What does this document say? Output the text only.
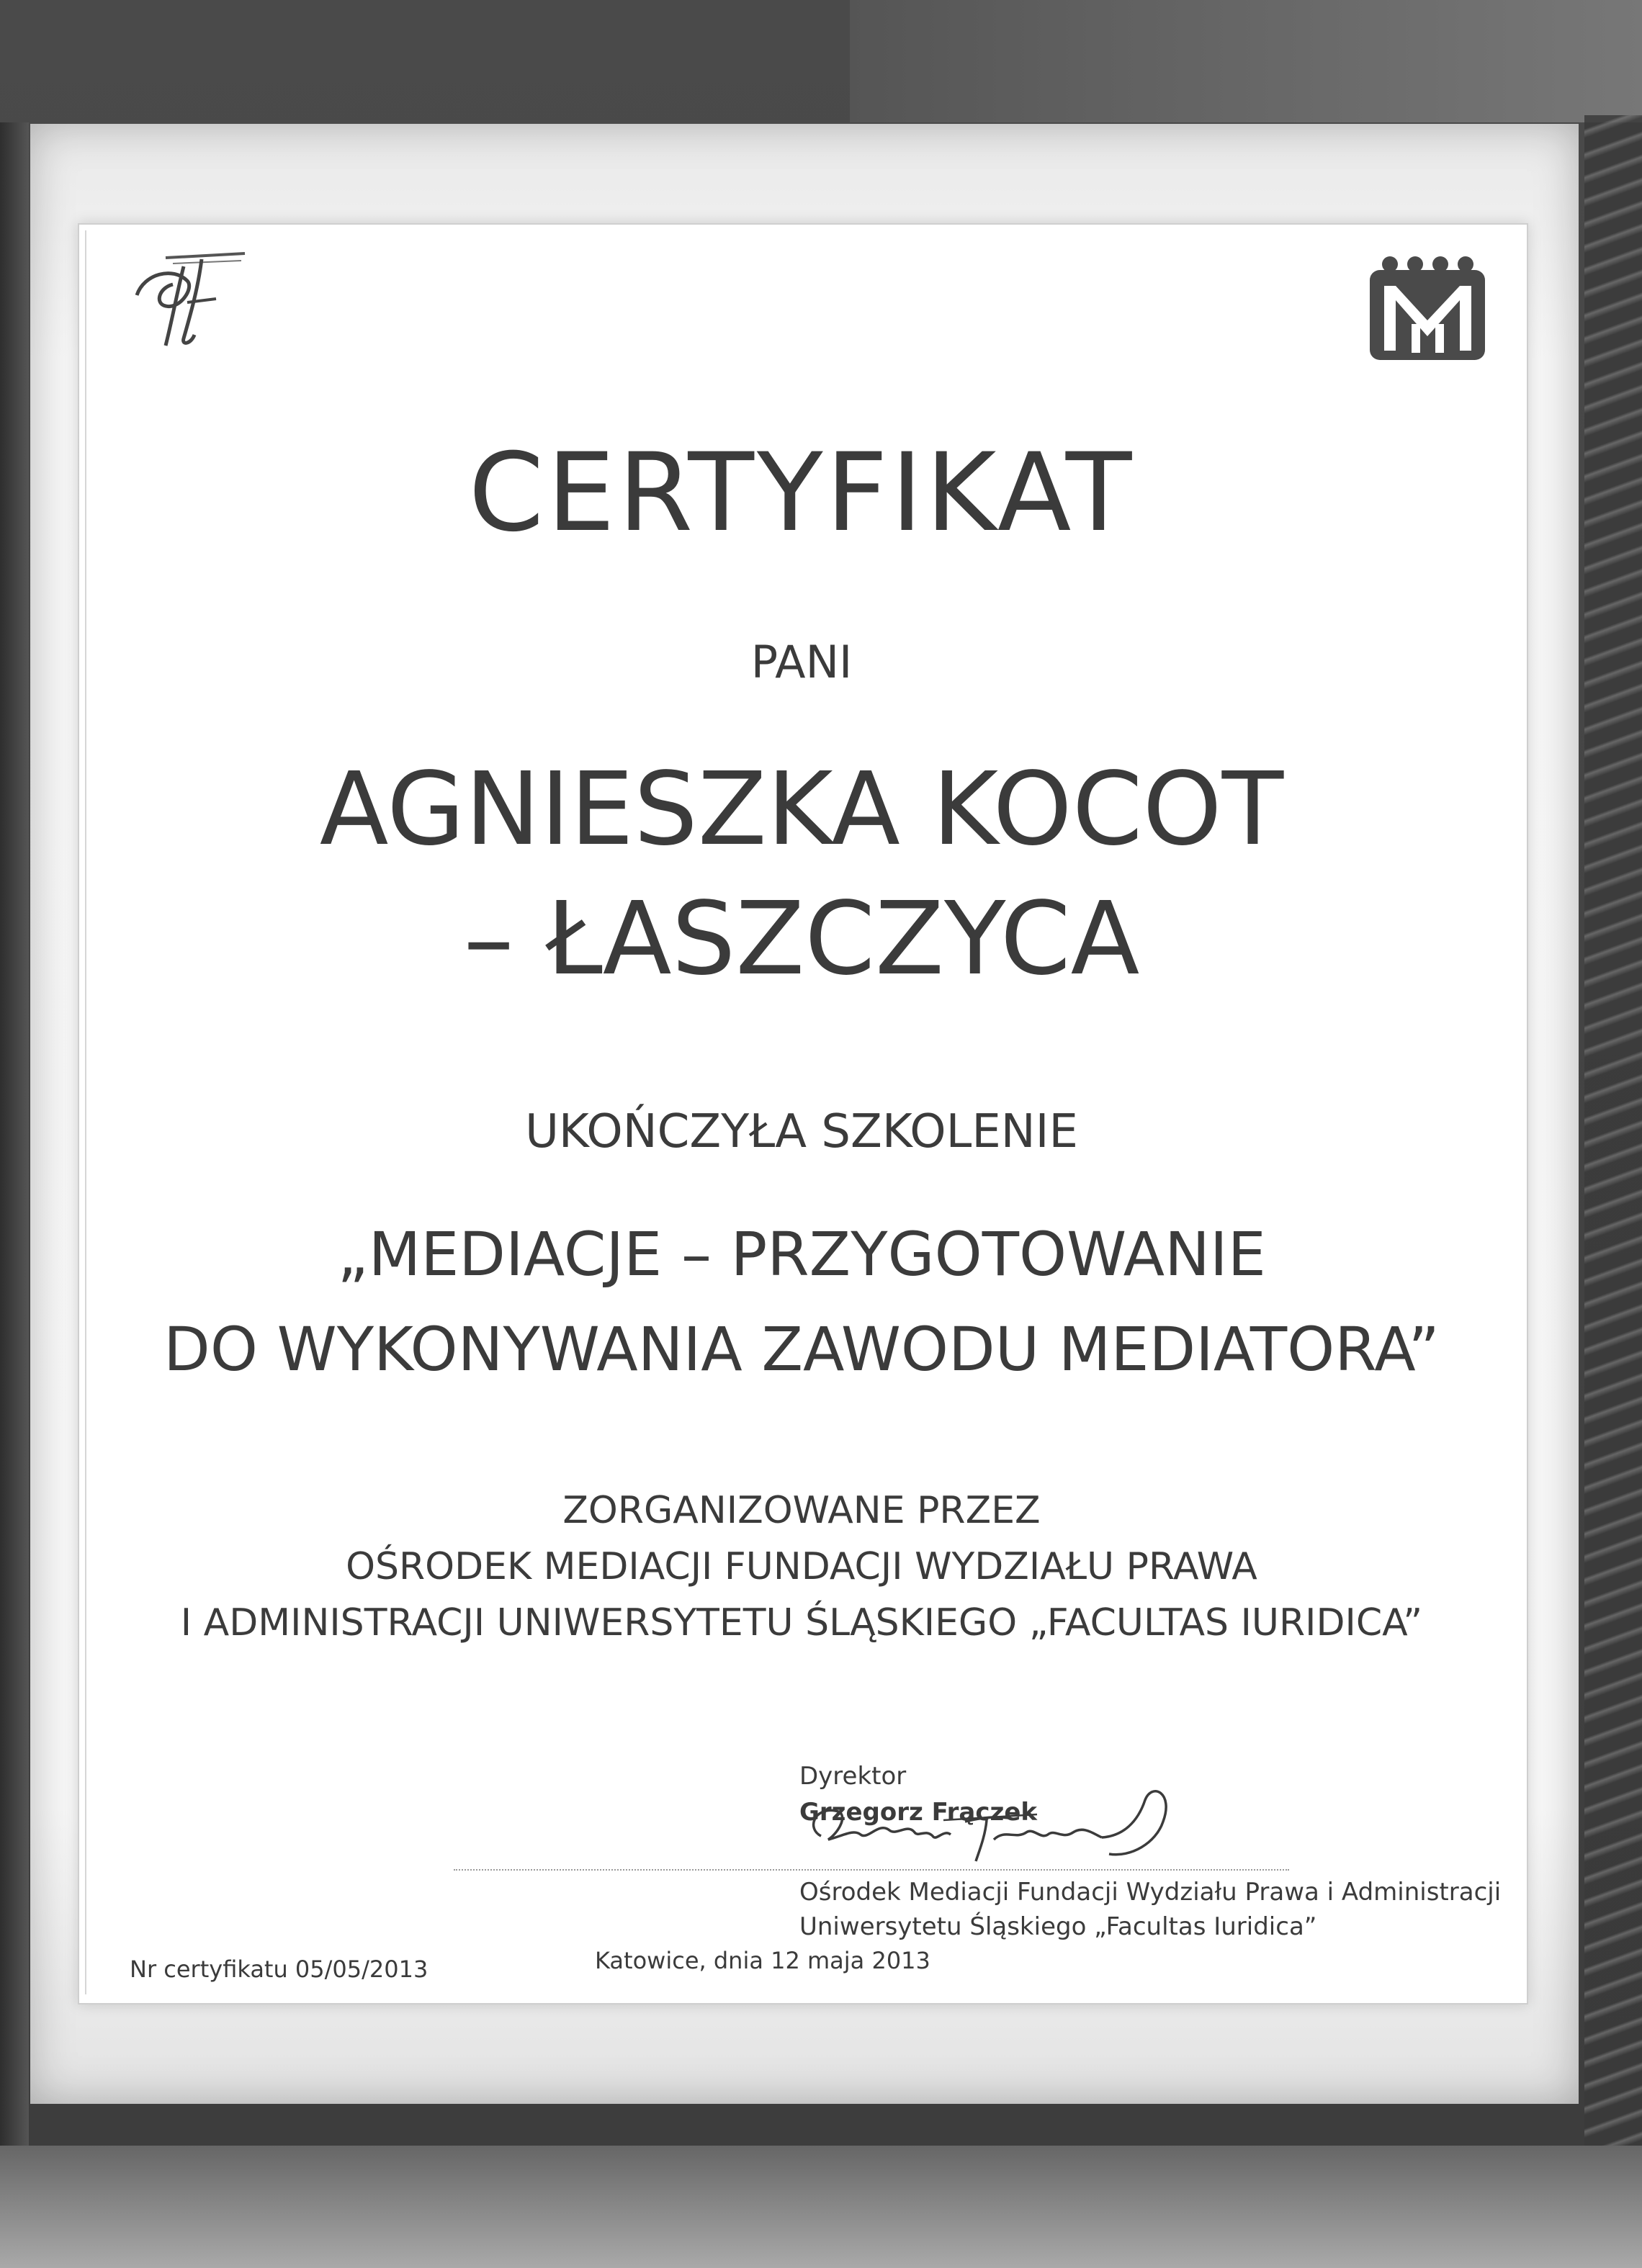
CERTYFIKAT
PANI
AGNIESZKA KOCOT
– ŁASZCZYCA
UKOŃCZYŁA SZKOLENIE
„MEDIACJE – PRZYGOTOWANIE
DO WYKONYWANIA ZAWODU MEDIATORA”
ZORGANIZOWANE PRZEZ
OŚRODEK MEDIACJI FUNDACJI WYDZIAŁU PRAWA
I ADMINISTRACJI UNIWERSYTETU ŚLĄSKIEGO „FACULTAS IURIDICA”
Dyrektor
Grzegorz Frączek
Ośrodek Mediacji Fundacji Wydziału Prawa i Administracji
Uniwersytetu Śląskiego „Facultas Iuridica”
Nr certyfikatu 05/05/2013	Katowice, dnia 12 maja 2013
